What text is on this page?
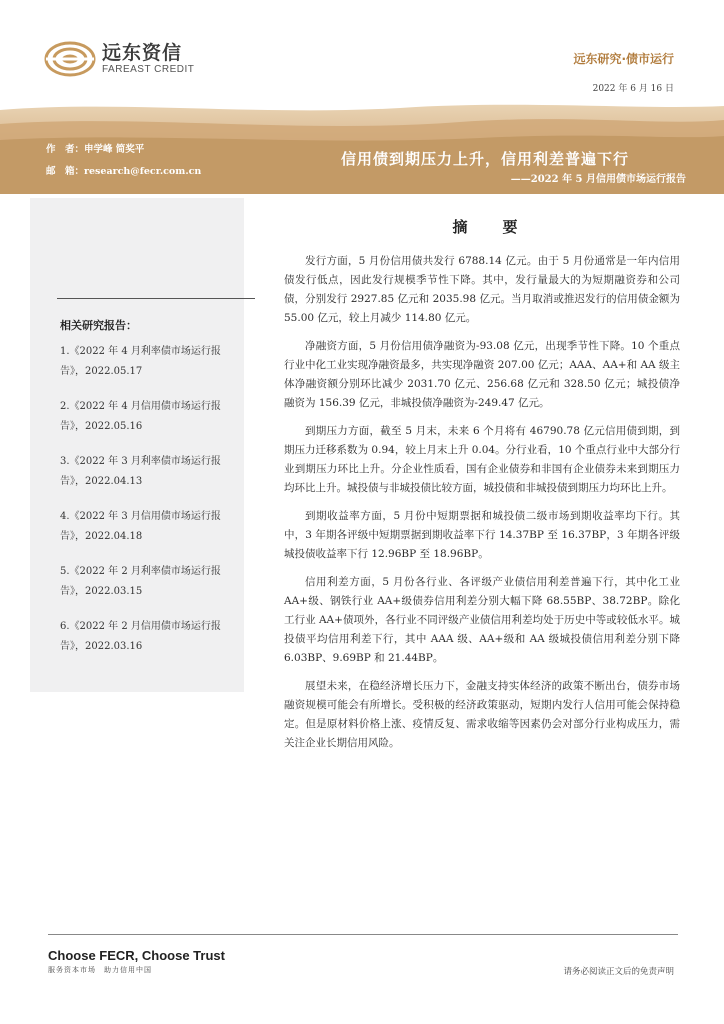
远东资信
FAREAST CREDIT
远东研究·债市运行
2022 年 6 月 16 日
作　者：申学峰 简奖平
邮　箱：research@fecr.com.cn
信用债到期压力上升，信用利差普遍下行
——2022 年 5 月信用债市场运行报告
相关研究报告：
1.《2022 年 4 月利率债市场运行报告》，2022.05.17
2.《2022 年 4 月信用债市场运行报告》，2022.05.16
3.《2022 年 3 月利率债市场运行报告》，2022.04.13
4.《2022 年 3 月信用债市场运行报告》，2022.04.18
5.《2022 年 2 月利率债市场运行报告》，2022.03.15
6.《2022 年 2 月信用债市场运行报告》，2022.03.16
摘　要

发行方面，5 月份信用债共发行 6788.14 亿元。由于 5 月份通常是一年内信用债发行低点，因此发行规模季节性下降。其中，发行量最大的为短期融资券和公司债，分别发行 2927.85 亿元和 2035.98 亿元。当月取消或推迟发行的信用债金额为 55.00 亿元，较上月减少 114.80 亿元。

净融资方面，5 月份信用债净融资为-93.08 亿元，出现季节性下降。10 个重点行业中化工业实现净融资最多，共实现净融资 207.00 亿元；AAA、AA+和 AA 级主体净融资额分别环比减少 2031.70 亿元、256.68 亿元和 328.50 亿元；城投债净融资为 156.39 亿元，非城投债净融资为-249.47 亿元。

到期压力方面，截至 5 月末，未来 6 个月将有 46790.78 亿元信用债到期，到期压力迁移系数为 0.94，较上月末上升 0.04。分行业看，10 个重点行业中大部分行业到期压力环比上升。分企业性质看，国有企业债券和非国有企业债券未来到期压力均环比上升。城投债与非城投债比较方面，城投债和非城投债到期压力均环比上升。

到期收益率方面，5 月份中短期票据和城投债二级市场到期收益率均下行。其中，3 年期各评级中短期票据到期收益率下行 14.37BP 至 16.37BP，3 年期各评级城投债收益率下行 12.96BP 至 18.96BP。

信用利差方面，5 月份各行业、各评级产业债信用利差普遍下行，其中化工业 AA+级、钢铁行业 AA+级债券信用利差分别大幅下降 68.55BP、38.72BP。除化工行业 AA+债项外，各行业不同评级产业债信用利差均处于历史中等或较低水平。城投债平均信用利差下行，其中 AAA 级、AA+级和 AA 级城投债信用利差分别下降 6.03BP、9.69BP 和 21.44BP。

展望未来，在稳经济增长压力下，金融支持实体经济的政策不断出台，债券市场融资规模可能会有所增长。受积极的经济政策驱动，短期内发行人信用可能会保持稳定。但是原材料价格上涨、疫情反复、需求收缩等因素仍会对部分行业构成压力，需关注企业长期信用风险。

Choose FECR, Choose Trust
服务资本市场　助力信用中国	请务必阅读正文后的免责声明
